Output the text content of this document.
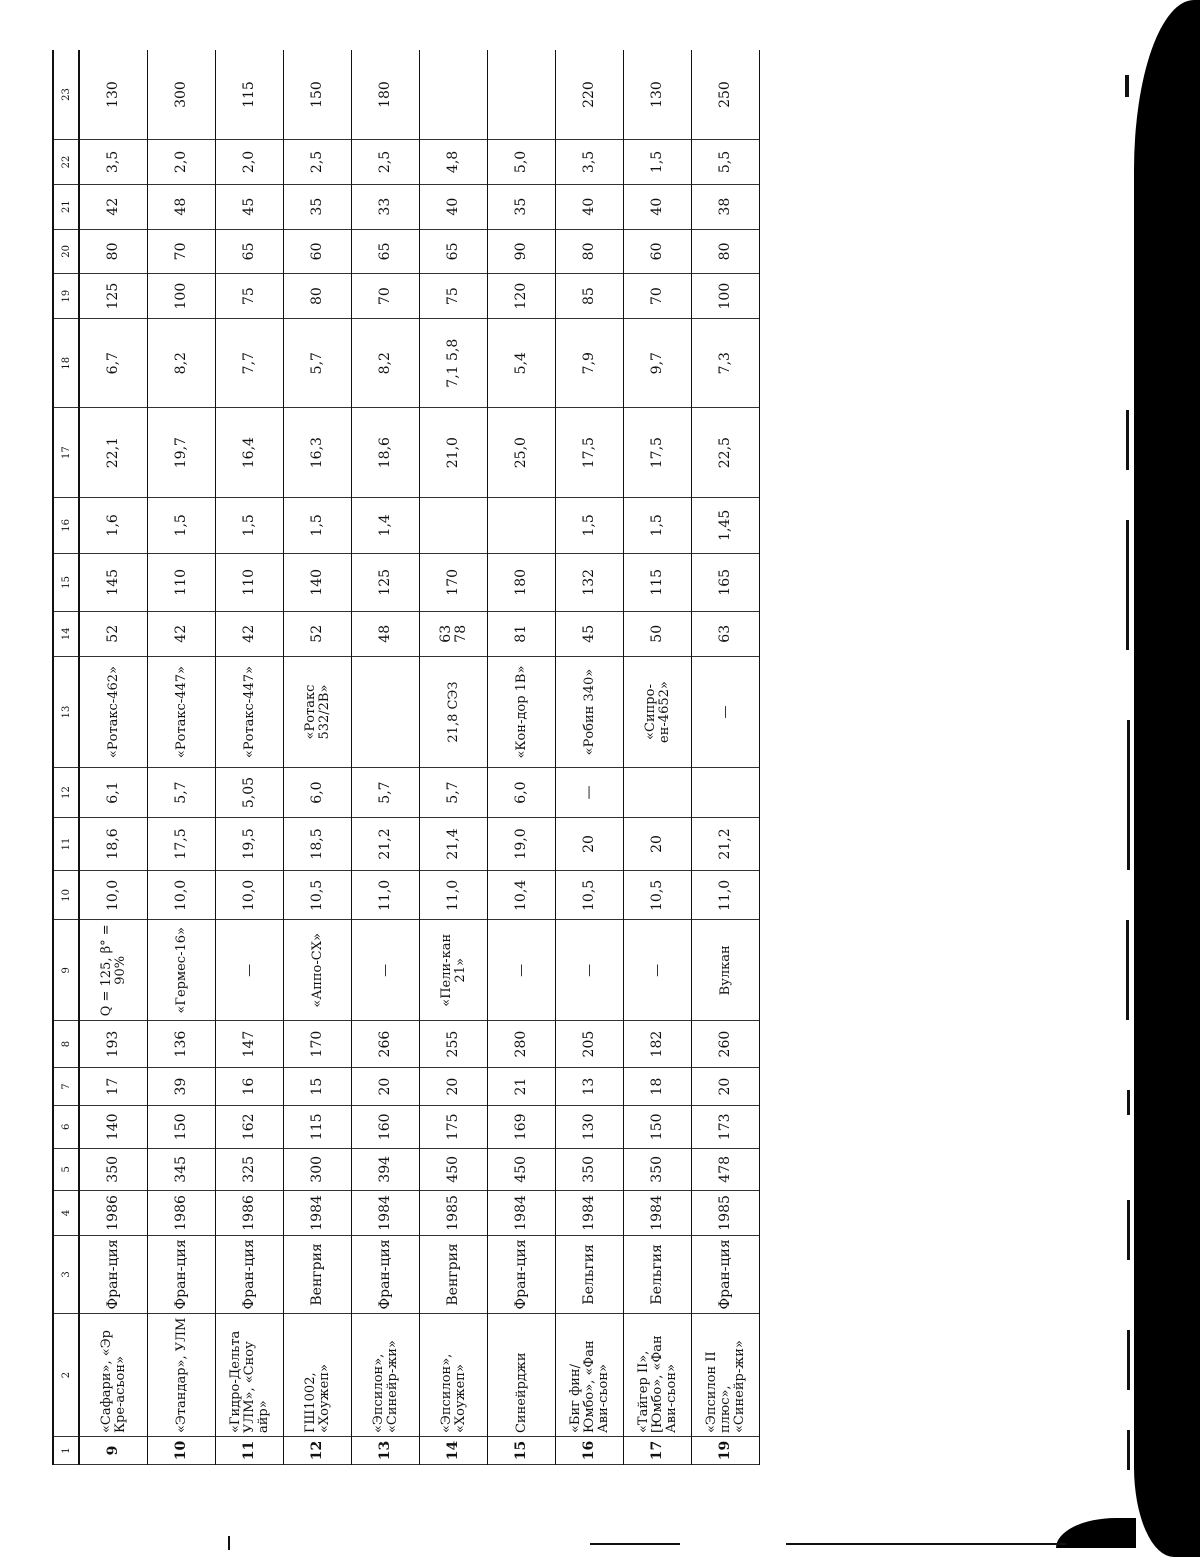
1	2	3	4	5	6	7	8	9	10	11	12	13	14	15	16	17	18	19	20	21	22	23
9	«Сафари», «Эр Кре-асьон»	Фран-ция	1986	350	140	17	193	Q = 125, β° = 90%	10,0	18,6	6,1	«Ротакс-462»	52	145	1,6	22,1	6,7	125	80	42	3,5	130
10	«Этандар», УЛМ	Фран-ция	1986	345	150	39	136	«Гермес-16»	10,0	17,5	5,7	«Ротакс-447»	42	110	1,5	19,7	8,2	100	70	48	2,0	300
11	«Гидро-Дельта УЛМ», «Сноу айр»	Фран-ция	1986	325	162	16	147	—	10,0	19,5	5,05	«Ротакс-447»	42	110	1,5	16,4	7,7	75	65	45	2,0	115
12	ГШ1002, «Хоужеп»	Венгрия	1984	300	115	15	170	«Аппо-СХ»	10,5	18,5	6,0	«Ротакс 532/2В»	52	140	1,5	16,3	5,7	80	60	35	2,5	150
13	«Эпсилон», «Синейр-жи»	Фран-ция	1984	394	160	20	266	—	11,0	21,2	5,7		48	125	1,4	18,6	8,2	70	65	33	2,5	180
14	«Эпсилон», «Хоужеп»	Венгрия	1985	450	175	20	255	«Пели-кан 21»	11,0	21,4	5,7	21,8 СЭЗ	63 78	170		21,0	7,1 5,8	75	65	40	4,8	
15	Синейрджи	Фран-ция	1984	450	169	21	280	—	10,4	19,0	6,0	«Кон-дор 1В»	81	180		25,0	5,4	120	90	35	5,0	
16	«Биг фин/Юмбо», «Фан Ави-сьон»	Бельгия	1984	350	130	13	205	—	10,5	20	—	«Робин 340»	45	132	1,5	17,5	7,9	85	80	40	3,5	220
17	«Тайгер II», [Юмбо», «Фан Ави-сьон»	Бельгия	1984	350	150	18	182	—	10,5	20		«Сипро-ен-4652»	50	115	1,5	17,5	9,7	70	60	40	1,5	130
19	«Эпсилон II плюс», «Синейр-жи»	Фран-ция	1985	478	173	20	260	Вулкан	11,0	21,2		—	63	165	1,45	22,5	7,3	100	80	38	5,5	250
